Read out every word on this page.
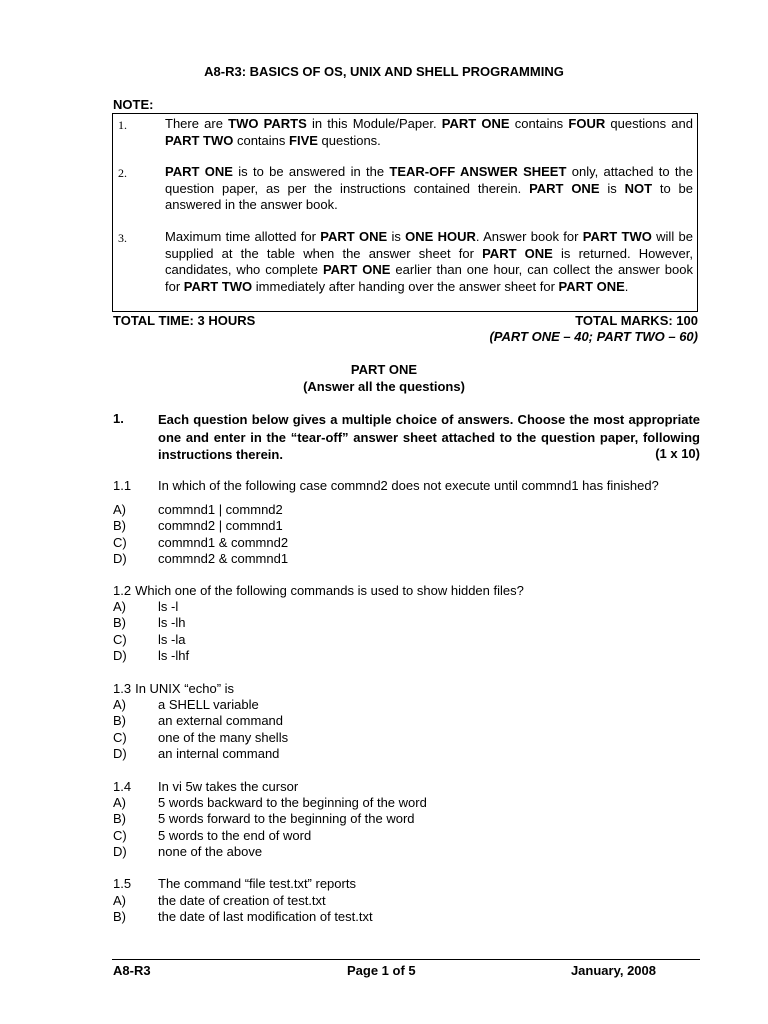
A8-R3: BASICS OF OS, UNIX AND SHELL PROGRAMMING
NOTE:
1.	There are TWO PARTS in this Module/Paper. PART ONE contains FOUR questions and PART TWO contains FIVE questions.
2.	PART ONE is to be answered in the TEAR-OFF ANSWER SHEET only, attached to the question paper, as per the instructions contained therein. PART ONE is NOT to be answered in the answer book.
3.	Maximum time allotted for PART ONE is ONE HOUR. Answer book for PART TWO will be supplied at the table when the answer sheet for PART ONE is returned. However, candidates, who complete PART ONE earlier than one hour, can collect the answer book for PART TWO immediately after handing over the answer sheet for PART ONE.
TOTAL TIME: 3 HOURS	TOTAL MARKS: 100
(PART ONE – 40; PART TWO – 60)
PART ONE
(Answer all the questions)
1.	Each question below gives a multiple choice of answers. Choose the most appropriate one and enter in the “tear-off” answer sheet attached to the question paper, following instructions therein.	(1 x 10)
1.1 In which of the following case commnd2 does not execute until commnd1 has finished?
A) commnd1 | commnd2
B) commnd2 | commnd1
C) commnd1 & commnd2
D) commnd2 & commnd1
1.2 Which one of the following commands is used to show hidden files?
A) ls -l
B) ls -lh
C) ls -la
D) ls -lhf
1.3 In UNIX “echo” is
A) a SHELL variable
B) an external command
C) one of the many shells
D) an internal command
1.4 In vi 5w takes the cursor
A) 5 words backward to the beginning of the word
B) 5 words forward to the beginning of the word
C) 5 words to the end of word
D) none of the above
1.5 The command “file test.txt” reports
A) the date of creation of test.txt
B) the date of last modification of test.txt
A8-R3	Page 1 of 5	January, 2008
